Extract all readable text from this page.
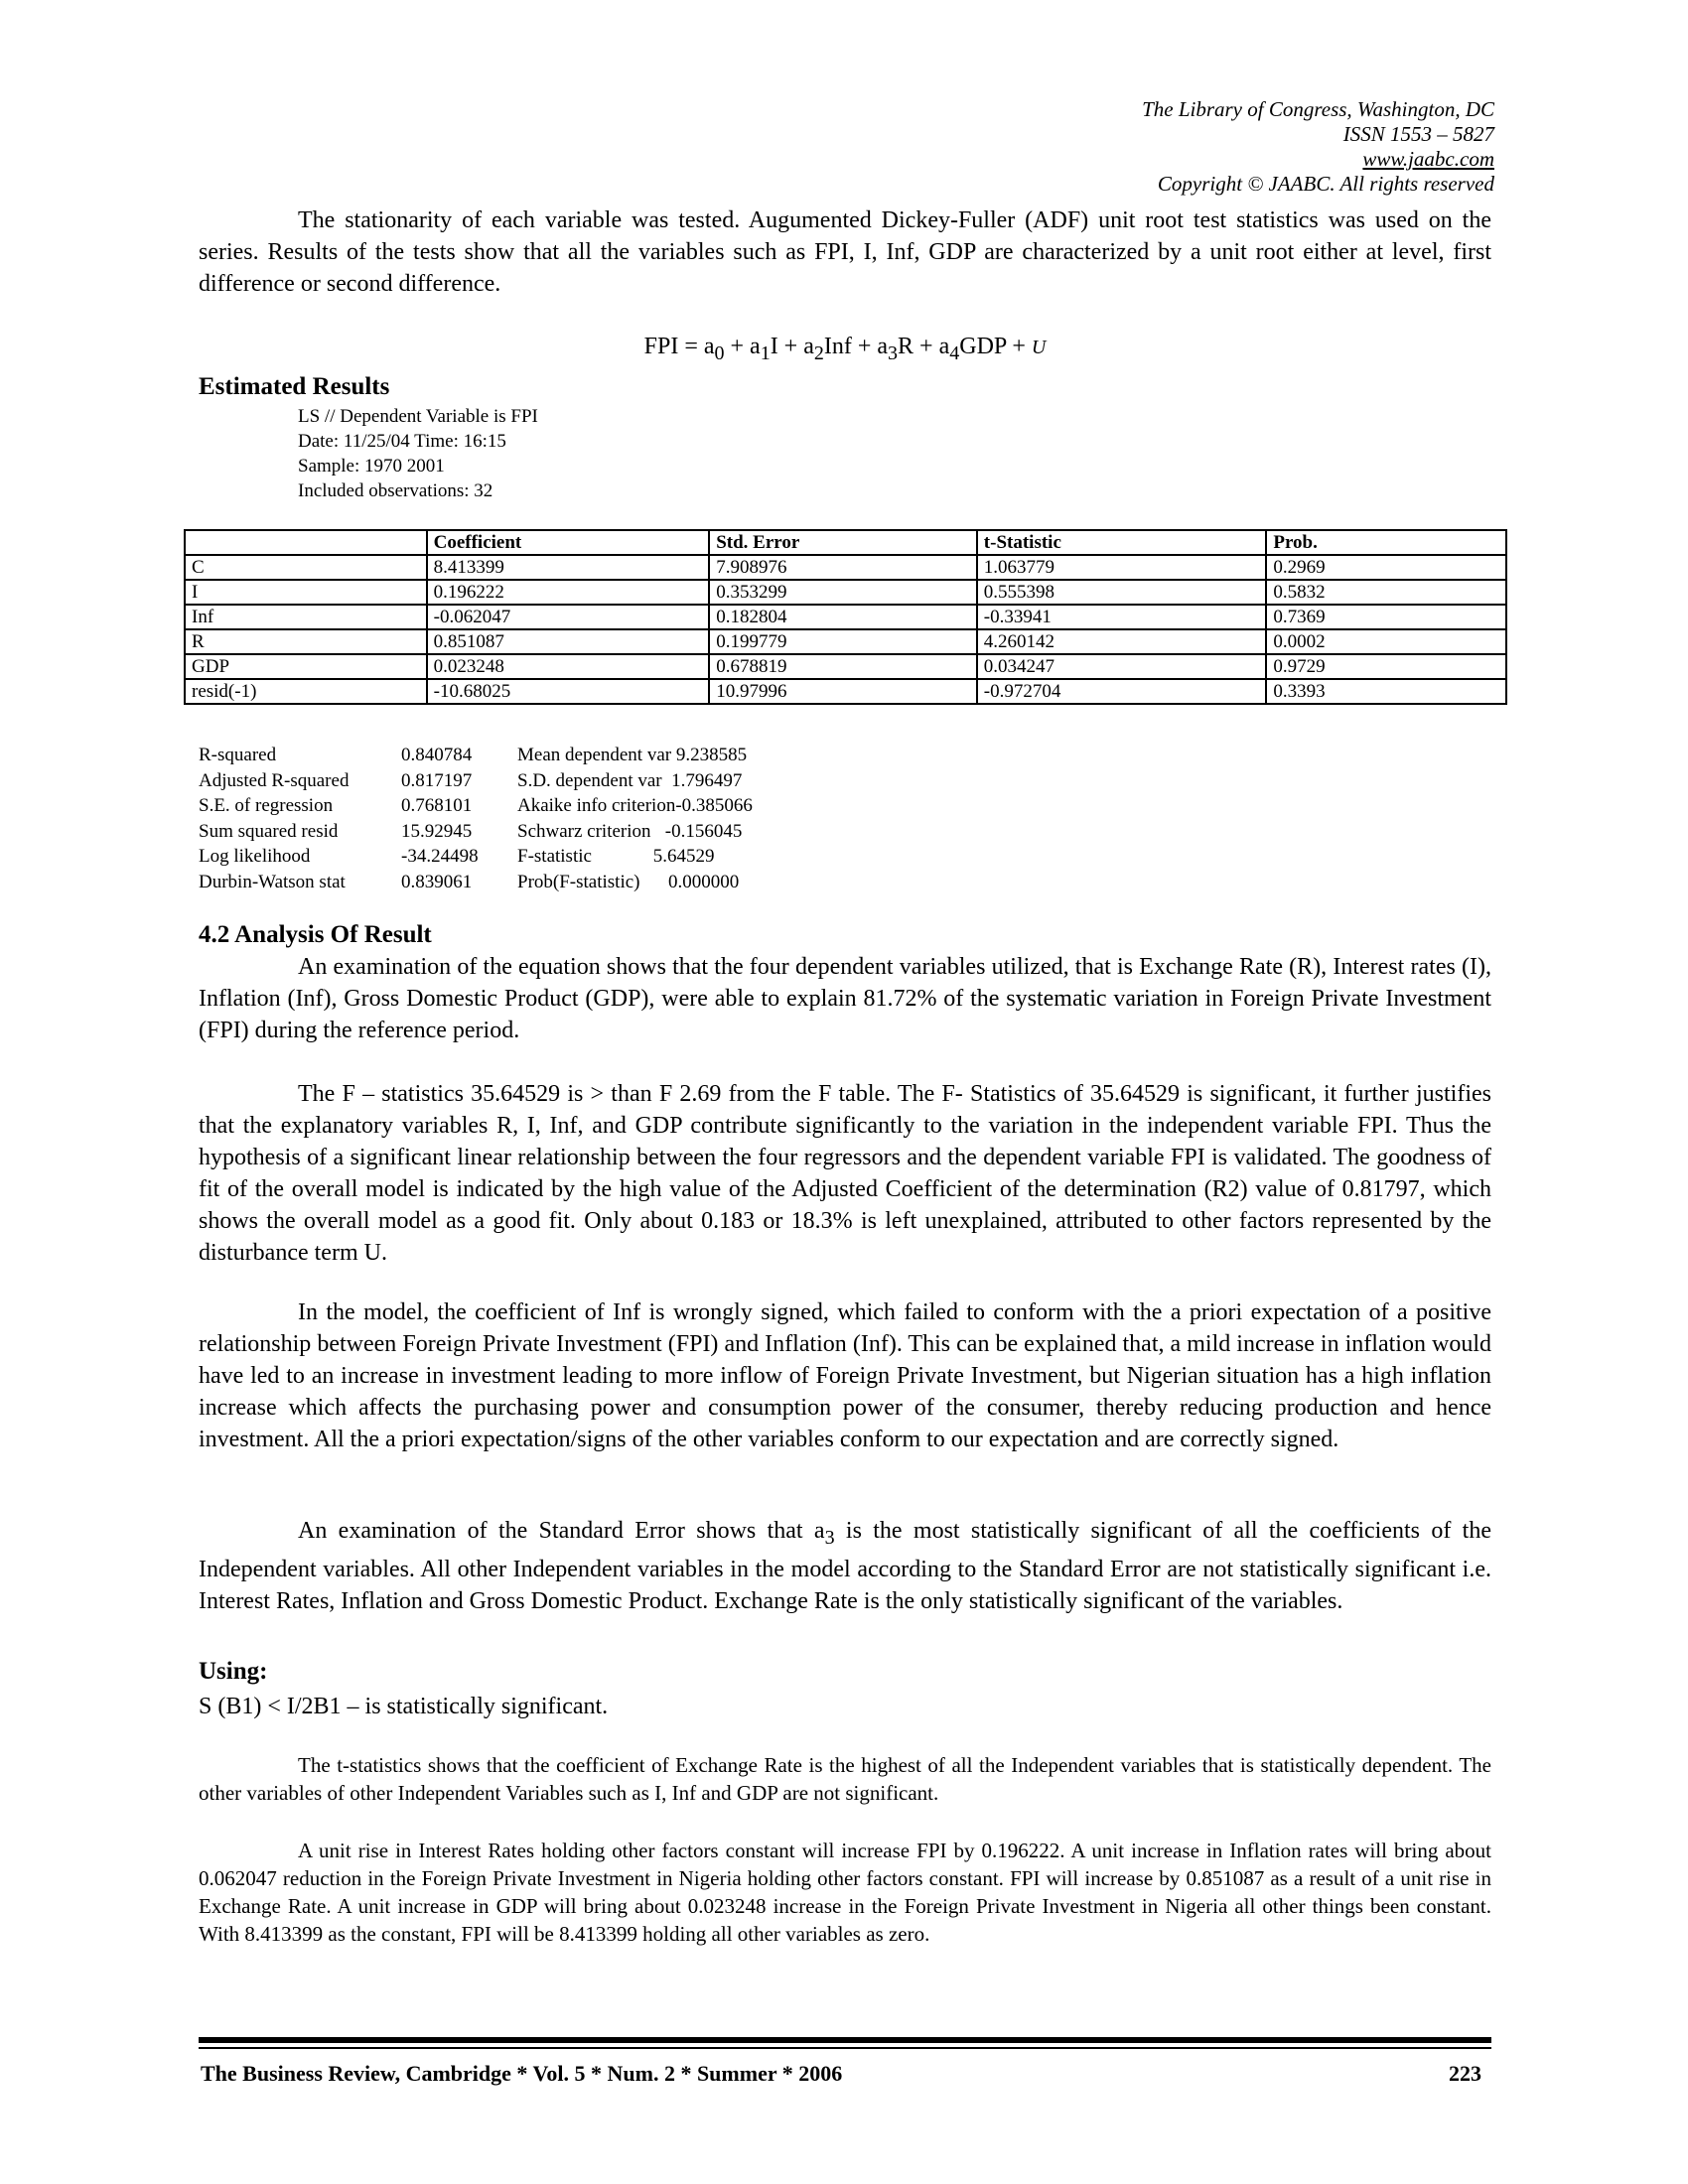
The Library of Congress, Washington, DC
ISSN 1553 – 5827
www.jaabc.com
Copyright © JAABC. All rights reserved

The stationarity of each variable was tested. Augumented Dickey-Fuller (ADF) unit root test statistics was used on the series. Results of the tests show that all the variables such as FPI, I, Inf, GDP are characterized by a unit root either at level, first difference or second difference.

FPI = $a_0 + a_1I + a_2Inf + a_3R + a_4GDP + U$
Estimated Results
LS // Dependent Variable is FPI
Date: 11/25/04 Time: 16:15
Sample: 1970 2001
Included observations: 32
	Coefficient	Std. Error	t-Statistic	Prob.
C	8.413399	7.908976	1.063779	0.2969
I	0.196222	0.353299	0.555398	0.5832
Inf	-0.062047	0.182804	-0.33941	0.7369
R	0.851087	0.199779	4.260142	0.0002
GDP	0.023248	0.678819	0.034247	0.9729
resid(-1)	-10.68025	10.97996	-0.972704	0.3393
R-squared	0.840784	Mean dependent var 9.238585
Adjusted R-squared	0.817197	S.D. dependent var  1.796497
S.E. of regression	0.768101	Akaike info criterion-0.385066
Sum squared resid	15.92945	Schwarz criterion   -0.156045
Log likelihood	-34.24498	F-statistic             5.64529
Durbin-Watson stat	0.839061	Prob(F-statistic)      0.000000
4.2 Analysis Of Result

An examination of the equation shows that the four dependent variables utilized, that is Exchange Rate (R), Interest rates (I), Inflation (Inf), Gross Domestic Product (GDP), were able to explain 81.72% of the systematic variation in Foreign Private Investment (FPI) during the reference period.

The F – statistics 35.64529 is > than F 2.69 from the F table. The F- Statistics of 35.64529 is significant, it further justifies that the explanatory variables R, I, Inf, and GDP contribute significantly to the variation in the independent variable FPI. Thus the hypothesis of a significant linear relationship between the four regressors and the dependent variable FPI is validated. The goodness of fit of the overall model is indicated by the high value of the Adjusted Coefficient of the determination (R2) value of 0.81797, which shows the overall model as a good fit. Only about 0.183 or 18.3% is left unexplained, attributed to other factors represented by the disturbance term U.

In the model, the coefficient of Inf is wrongly signed, which failed to conform with the a priori expectation of a positive relationship between Foreign Private Investment (FPI) and Inflation (Inf). This can be explained that, a mild increase in inflation would have led to an increase in investment leading to more inflow of Foreign Private Investment, but Nigerian situation has a high inflation increase which affects the purchasing power and consumption power of the consumer, thereby reducing production and hence investment. All the a priori expectation/signs of the other variables conform to our expectation and are correctly signed.

An examination of the Standard Error shows that $a_3$ is the most statistically significant of all the coefficients of the Independent variables. All other Independent variables in the model according to the Standard Error are not statistically significant i.e. Interest Rates, Inflation and Gross Domestic Product. Exchange Rate is the only statistically significant of the variables.

Using:
S (B1) < I/2B1 – is statistically significant.

The t-statistics shows that the coefficient of Exchange Rate is the highest of all the Independent variables that is statistically dependent. The other variables of other Independent Variables such as I, Inf and GDP are not significant.

A unit rise in Interest Rates holding other factors constant will increase FPI by 0.196222. A unit increase in Inflation rates will bring about 0.062047 reduction in the Foreign Private Investment in Nigeria holding other factors constant. FPI will increase by 0.851087 as a result of a unit rise in Exchange Rate. A unit increase in GDP will bring about 0.023248 increase in the Foreign Private Investment in Nigeria all other things been constant. With 8.413399 as the constant, FPI will be 8.413399 holding all other variables as zero.

The Business Review, Cambridge * Vol. 5 * Num. 2 * Summer * 2006	223
